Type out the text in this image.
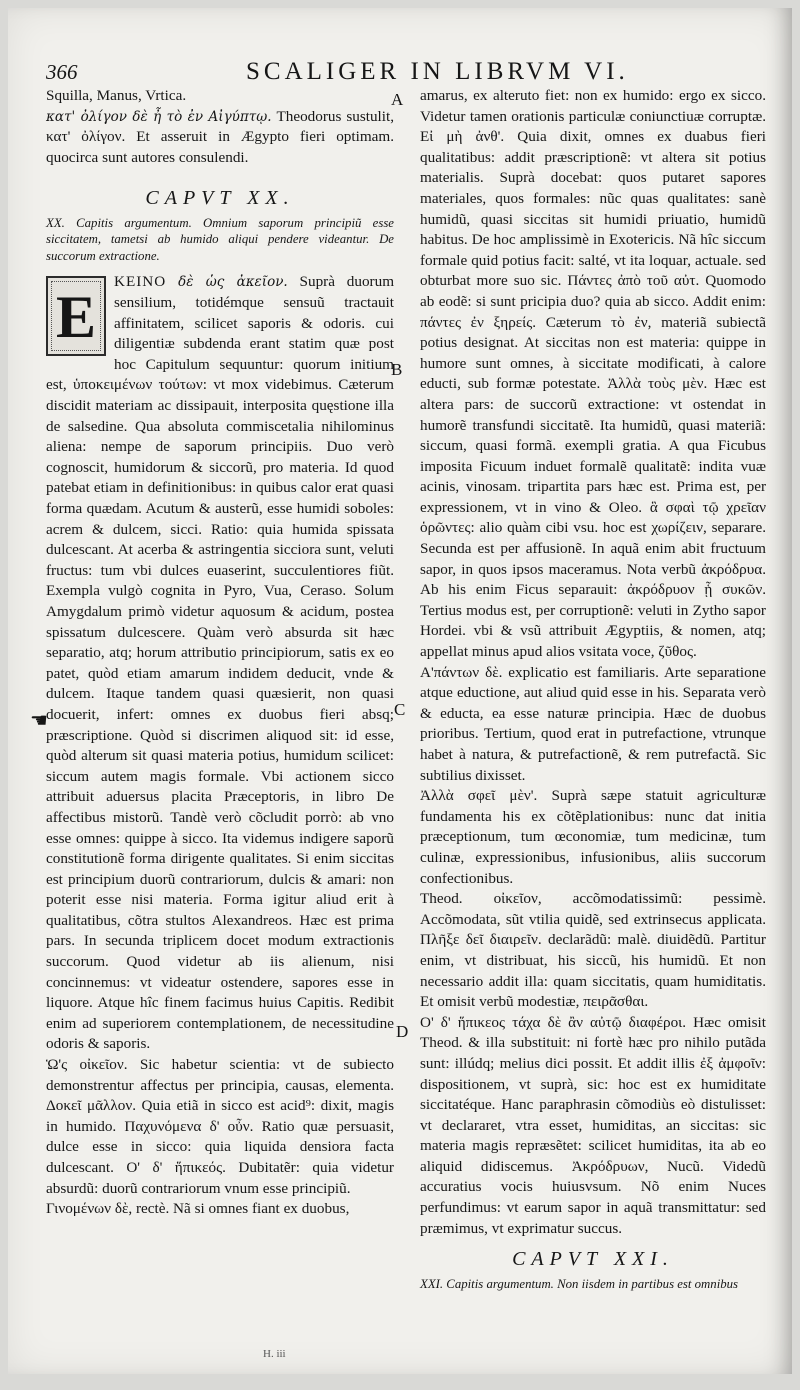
366	SCALIGER IN LIBRVM VI.
A
B
C
D
☚

Squilla, Manus, Vrtica.

κατ' ὀλίγον δὲ ἦ τὸ ἐν Αἰγύπτῳ. Theodorus sustulit, κατ' ὀλίγον. Et asseruit in Ægypto fieri optimam. quocirca sunt autores consulendi.

CAPVT XX.

XX. Capitis argumentum. Omnium saporum principiũ esse siccitatem, tametsi ab humido aliqui pendere videantur. De succorum extractione.

E

ΚΕΙΝΟ δὲ ὡς ἀκεῖον. Suprà duorum sensilium, totidémque sensuũ tractauit affinitatem, scilicet saporis & odoris. cui diligentiæ subdenda erant statim quæ post hoc Capitulum sequuntur: quorum initium est, ὑποκειμένων τούτων: vt mox videbimus. Cæterum discidit materiam ac dissipauit, interposita quęstione illa de salsedine. Qua absoluta commiscetalia nihilominus aliena: nempe de saporum principiis. Duo verò cognoscit, humidorum & siccorũ, pro materia. Id quod patebat etiam in definitionibus: in quibus calor erat quasi forma quædam. Acutum & austerũ, esse humidi soboles: acrem & dulcem, sicci. Ratio: quia humida spissata dulcescant. At acerba & astringentia sicciora sunt, veluti fructus: tum vbi dulces euaserint, succulentiores fiũt. Exempla vulgò cognita in Pyro, Vua, Ceraso. Solum Amygdalum primò videtur aquosum & acidum, postea spissatum dulcescere. Quàm verò absurda sit hæc separatio, atq; horum attributio principiorum, satis ex eo patet, quòd etiam amarum indidem deducit, vnde & dulcem. Itaque tandem quasi quæsierit, non quasi docuerit, infert: omnes ex duobus fieri absq; præscriptione. Quòd si discrimen aliquod sit: id esse, quòd alterum sit quasi materia potius, humidum scilicet: siccum autem magis formale. Vbi actionem sicco attribuit aduersus placita Præceptoris, in libro De affectibus mistorũ. Tandè verò cõcludit porrò: ab vno esse omnes: quippe à sicco. Ita videmus indigere saporũ constitutionẽ forma dirigente qualitates. Si enim siccitas est principium duorũ contrariorum, dulcis & amari: non poterit esse nisi materia. Forma igitur aliud erit à qualitatibus, cõtra stultos Alexandreos. Hæc est prima pars. In secunda triplicem docet modum extractionis succorum. Quod videtur ab iis alienum, nisi concinnemus: vt videatur ostendere, sapores esse in liquore. Atque hîc finem facimus huius Capitis. Redibit enim ad superiorem contemplationem, de necessitudine odoris & saporis.

Ὡ'ς οἰκεῖον. Sic habetur scientia: vt de subiecto demonstrentur affectus per principia, causas, elementa. Δοκεῖ μᾶλλον. Quia etiã in sicco est acid⁹: dixit, magis in humido. Παχυνόμενα δ' οὖν. Ratio quæ persuasit, dulce esse in sicco: quia liquida densiora facta dulcescant. Ο' δ' ἥπικεός. Dubitatẽr: quia videtur absurdũ: duorũ contrariorum vnum esse principiũ.

Γινομένων δὲ, rectè. Nã si omnes fiant ex duobus,

amarus, ex alteruto fiet: non ex humido: ergo ex sicco. Videtur tamen orationis particulæ coniunctiuæ corruptæ. Εἰ μὴ ἀνθ'. Quia dixit, omnes ex duabus fieri qualitatibus: addit præscriptionẽ: vt altera sit potius materialis. Suprà docebat: quos putaret sapores materiales, quos formales: nũc quas qualitates: sanè humidũ, quasi siccitas sit humidi priuatio, humidũ habitus. De hoc amplissimè in Exotericis. Nã hîc siccum formale quid potius facit: salté, vt ita loquar, actuale. sed obturbat more suo sic. Πάντες ἀπὸ τοῦ αὐτ. Quomodo ab eodẽ: si sunt pricipia duo? quia ab sicco. Addit enim: πάντες ἐν ξηρείς. Cæterum τὸ ἐν, materiã subiectã potius designat. At siccitas non est materia: quippe in humore sunt omnes, à siccitate modificati, à calore educti, sub formæ potestate. Ἀλλὰ τοὺς μὲν. Hæc est altera pars: de succorũ extractione: vt ostendat in humorẽ transfundi siccitatẽ. Ita humidũ, quasi materiã: siccum, quasi formã. exempli gratia. A qua Ficubus imposita Ficuum induet formalẽ qualitatẽ: indita vuæ acinis, vinosam. tripartita pars hæc est. Prima est, per expressionem, vt in vino & Oleo. ἃ σφαὶ τῷ χρεῖαν ὁρῶντες: alio quàm cibi vsu. hoc est χωρίζειν, separare. Secunda est per affusionẽ. In aquã enim abit fructuum sapor, in quos ipsos maceramus. Nota verbũ ἀκρόδρυα. Ab his enim Ficus separauit: ἀκρόδρυον ᾗ συκῶν. Tertius modus est, per corruptionẽ: veluti in Zytho sapor Hordei. vbi & vsũ attribuit Ægyptiis, & nomen, atq; appellat minus apud alios vsitata voce, ζῦθος.

Α'πάντων δὲ. explicatio est familiaris. Arte separatione atque eductione, aut aliud quid esse in his. Separata verò & educta, ea esse naturæ principia. Hæc de duobus prioribus. Tertium, quod erat in putrefactione, vtrunque habet à natura, & putrefactionẽ, & rem putrefactã. Sic subtilius dixisset.

Ἀλλὰ σφεῖ μὲν'. Suprà sæpe statuit agriculturæ fundamenta his ex cõtẽplationibus: nunc dat initia præceptionum, tum œconomiæ, tum medicinæ, tum culinæ, expressionibus, infusionibus, aliis succorum confectionibus.

Theod. οἰκεῖον, accõmodatissimũ: pessimè. Accõmodata, sũt vtilia quidẽ, sed extrinsecus applicata. Πλῆξε δεῖ διαιρεῖν. declarãdũ: malè. diuidẽdũ. Partitur enim, vt distribuat, his siccũ, his humidũ. Et non necessario addit illa: quam siccitatis, quam humiditatis. Et omisit verbũ modestiæ, πειρᾶσθαι.

Ο' δ' ἥπικεος τάχα δὲ ἂν αὐτῷ διαφέροι. Hæc omisit Theod. & illa substituit: ni fortè hæc pro nihilo putãda sunt: illúdq; melius dici possit. Et addit illis ἐξ ἀμφοῖν: dispositionem, vt suprà, sic: hoc est ex humiditate siccitatéque. Hanc paraphrasin cõmodiùs eò distulisset: vt declararet, vtra esset, humiditas, an siccitas: sic materia magis repræsẽtet: scilicet humiditas, ita ab eo aliquid didiscemus. Ἀκρόδρυων, Nucũ. Videdũ accuratius vocis huiusvsum. Nõ enim Nuces perfundimus: vt earum sapor in aquã transmittatur: sed præmimus, vt exprimatur succus.

CAPVT XXI.

XXI. Capitis argumentum. Non iisdem in partibus est omnibus

H. iii
